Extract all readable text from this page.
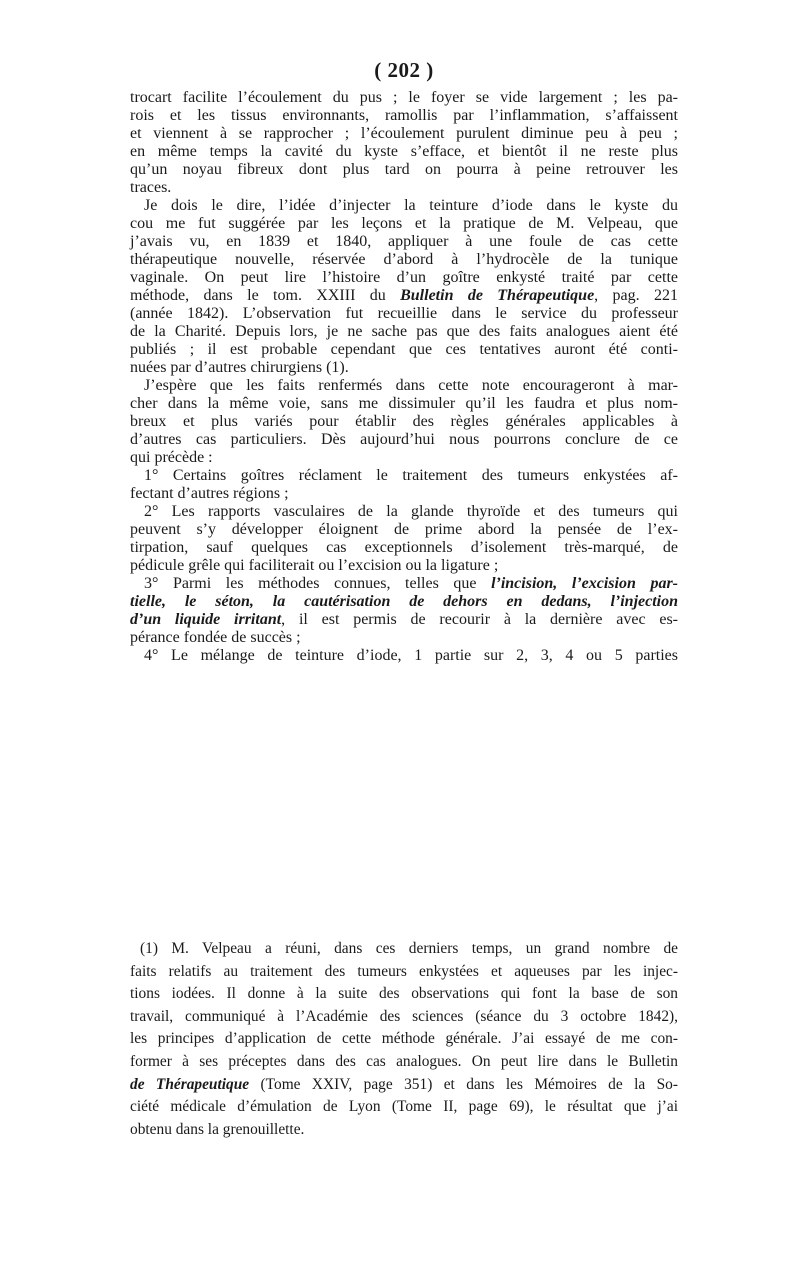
( 202 )
trocart facilite l’écoulement du pus ; le foyer se vide largement ; les pa-
rois et les tissus environnants, ramollis par l’inflammation, s’affaissent
et viennent à se rapprocher ; l’écoulement purulent diminue peu à peu ;
en même temps la cavité du kyste s’efface, et bientôt il ne reste plus
qu’un noyau fibreux dont plus tard on pourra à peine retrouver les
traces.
Je dois le dire, l’idée d’injecter la teinture d’iode dans le kyste du
cou me fut suggérée par les leçons et la pratique de M. Velpeau, que
j’avais vu, en 1839 et 1840, appliquer à une foule de cas cette
thérapeutique nouvelle, réservée d’abord à l’hydrocèle de la tunique
vaginale. On peut lire l’histoire d’un goître enkysté traité par cette
méthode, dans le tom. XXIII du Bulletin de Thérapeutique, pag. 221
(année 1842). L’observation fut recueillie dans le service du professeur
de la Charité. Depuis lors, je ne sache pas que des faits analogues aient été
publiés ; il est probable cependant que ces tentatives auront été conti-
nuées par d’autres chirurgiens (1).
J’espère que les faits renfermés dans cette note encourageront à mar-
cher dans la même voie, sans me dissimuler qu’il les faudra et plus nom-
breux et plus variés pour établir des règles générales applicables à
d’autres cas particuliers. Dès aujourd’hui nous pourrons conclure de ce
qui précède :
1° Certains goîtres réclament le traitement des tumeurs enkystées af-
fectant d’autres régions ;
2° Les rapports vasculaires de la glande thyroïde et des tumeurs qui
peuvent s’y développer éloignent de prime abord la pensée de l’ex-
tirpation, sauf quelques cas exceptionnels d’isolement très-marqué, de
pédicule grêle qui faciliterait ou l’excision ou la ligature ;
3° Parmi les méthodes connues, telles que l’incision, l’excision par-
tielle, le séton, la cautérisation de dehors en dedans, l’injection
d’un liquide irritant, il est permis de recourir à la dernière avec es-
pérance fondée de succès ;
4° Le mélange de teinture d’iode, 1 partie sur 2, 3, 4 ou 5 parties
(1) M. Velpeau a réuni, dans ces derniers temps, un grand nombre de
faits relatifs au traitement des tumeurs enkystées et aqueuses par les injec-
tions iodées. Il donne à la suite des observations qui font la base de son
travail, communiqué à l’Académie des sciences (séance du 3 octobre 1842),
les principes d’application de cette méthode générale. J’ai essayé de me con-
former à ses préceptes dans des cas analogues. On peut lire dans le Bulletin
de Thérapeutique (Tome XXIV, page 351) et dans les Mémoires de la So-
ciété médicale d’émulation de Lyon (Tome II, page 69), le résultat que j’ai
obtenu dans la grenouillette.
